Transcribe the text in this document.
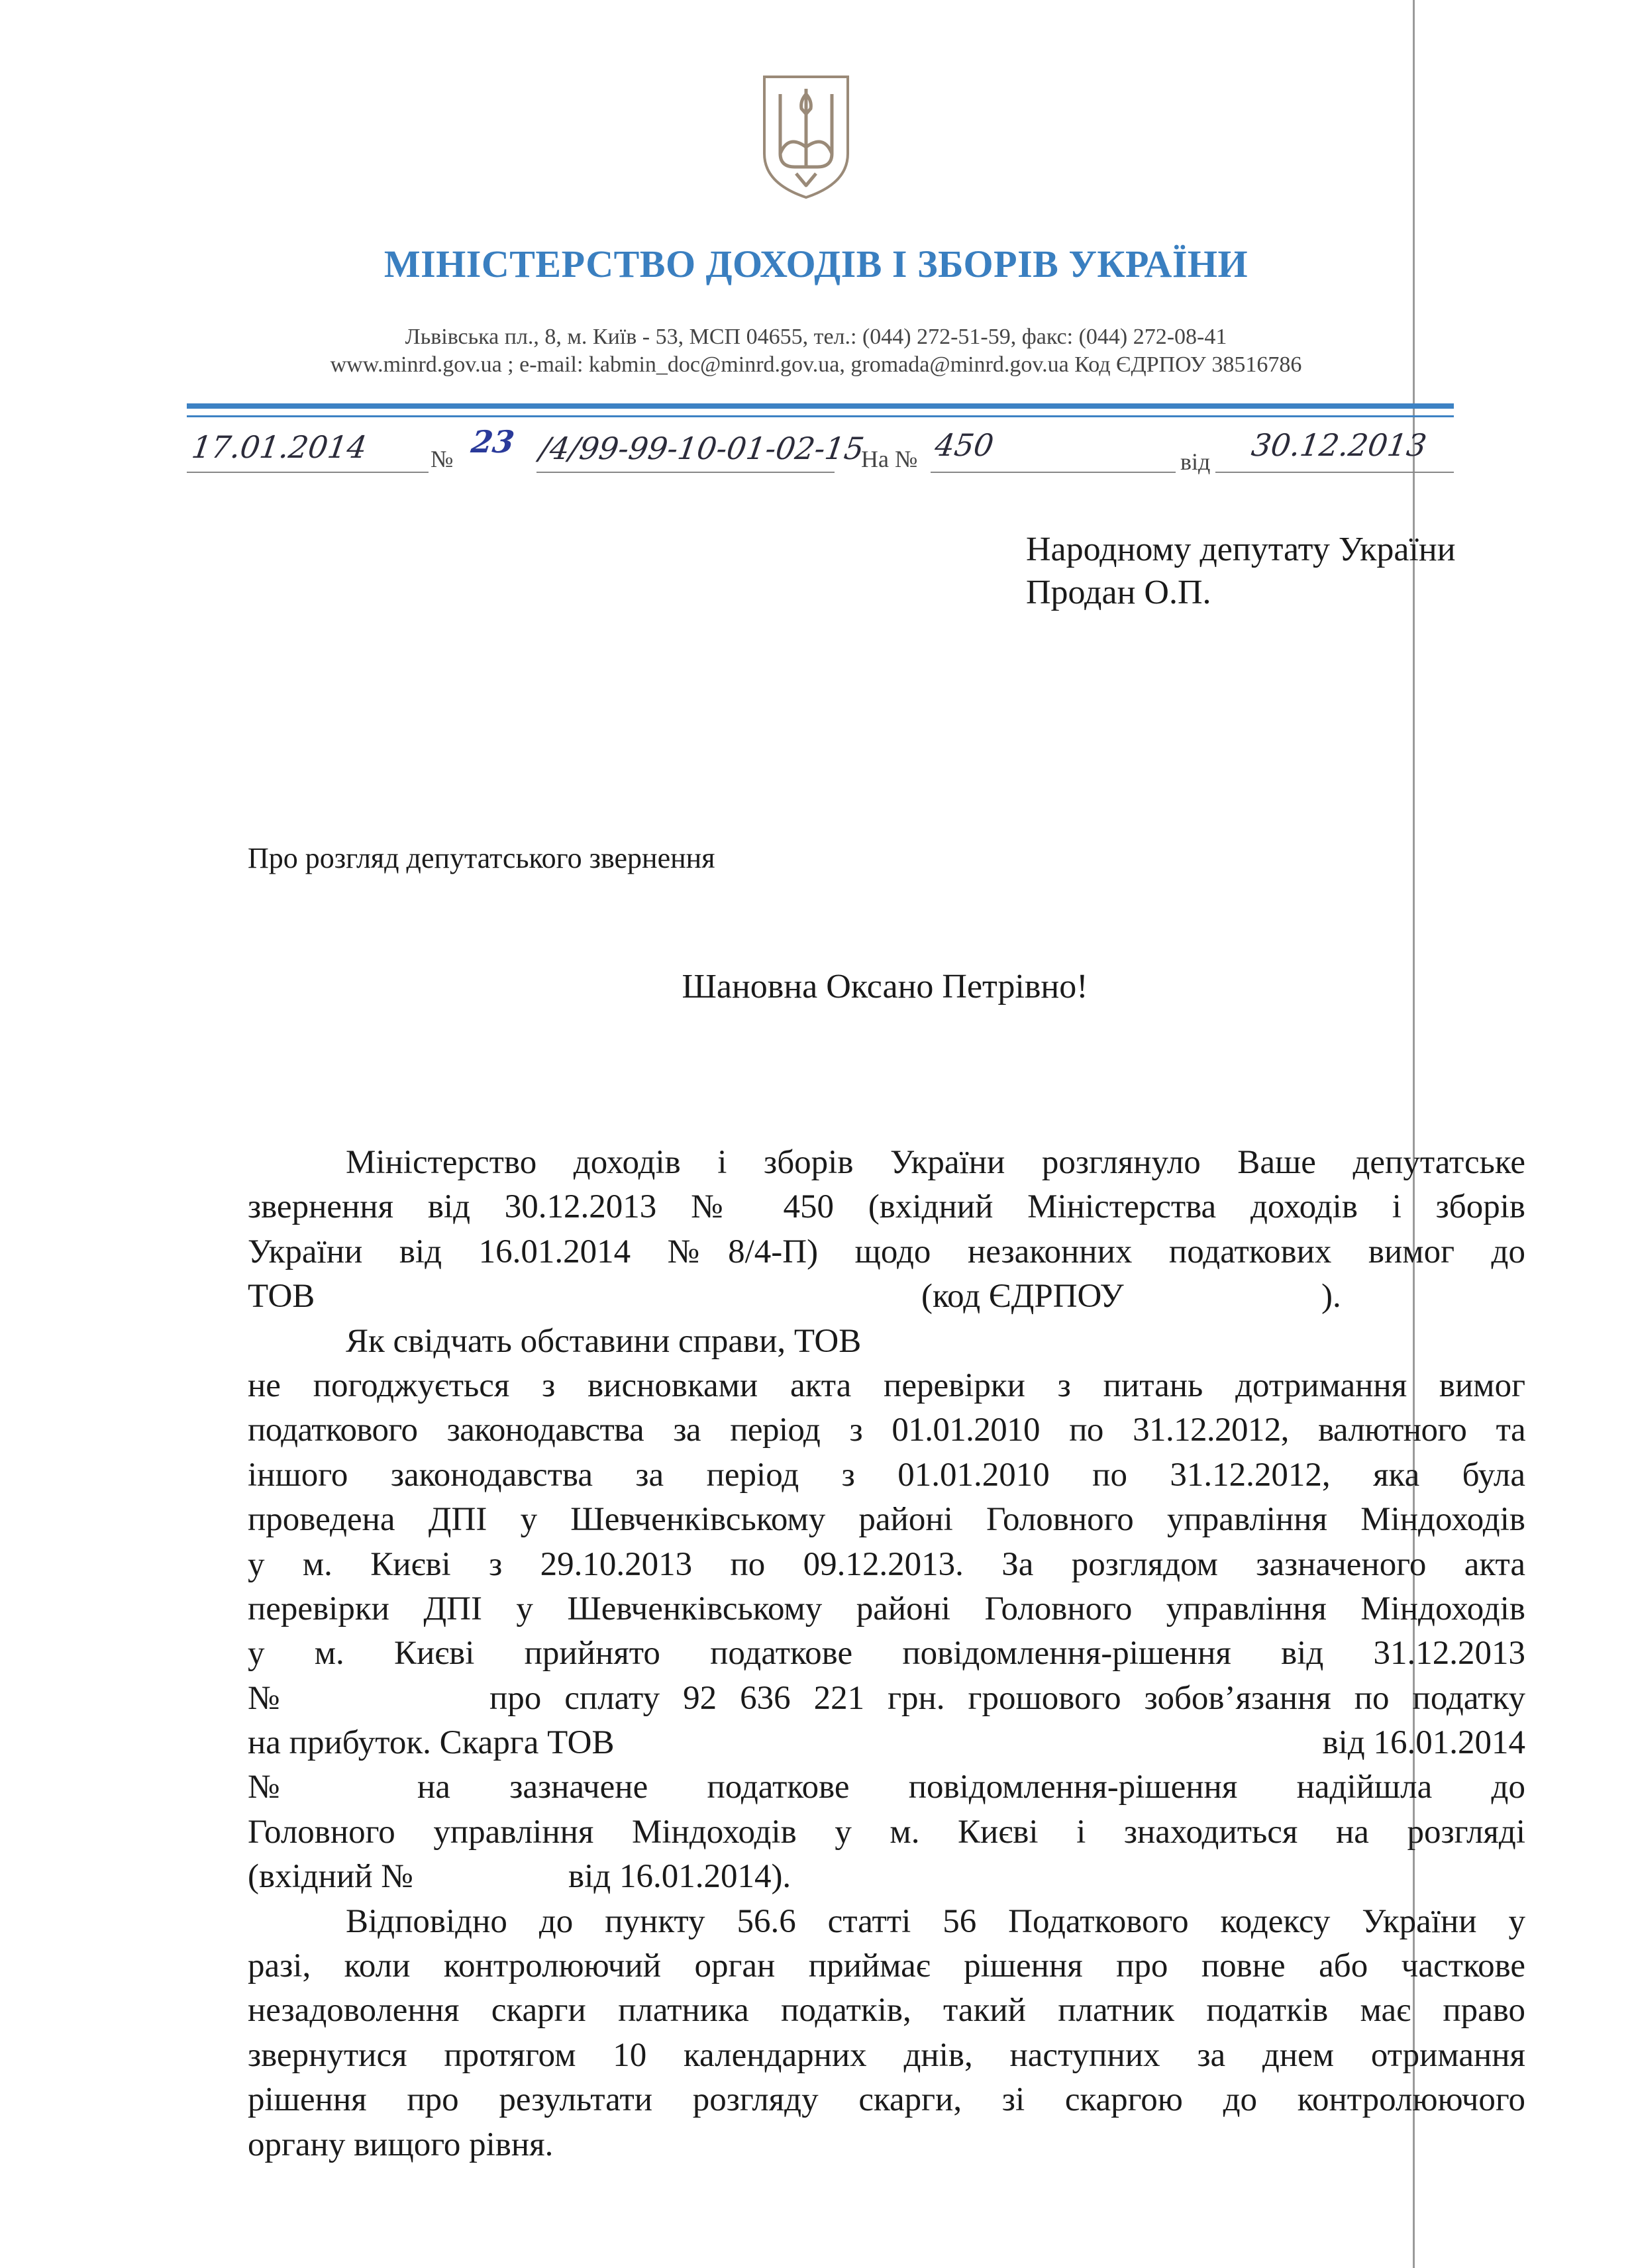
МІНІСТЕРСТВО ДОХОДІВ І ЗБОРІВ УКРАЇНИ
Львівська пл., 8, м. Київ - 53, МСП 04655, тел.: (044) 272-51-59, факс: (044) 272-08-41
www.minrd.gov.ua ; e-mail: kabmin_doc@minrd.gov.ua, gromada@minrd.gov.ua Код ЄДРПОУ 38516786
17.01.2014	№ 23 /4/99-99-10-01-02-15
На № 450	від 30.12.2013
Народному депутату України
Продан О.П.
Про розгляд депутатського звернення
Шановна Оксано Петрівно!
Міністерство доходів і зборів України розглянуло Ваше депутатське
звернення від 30.12.2013 № 450 (вхідний Міністерства доходів і зборів
України від 16.01.2014 №8/4-П) щодо незаконних податкових вимог до
ТОВ	(код ЄДРПОУ	).
Як свідчать обставини справи, ТОВ
не погоджується з висновками акта перевірки з питань дотримання вимог
податкового законодавства за період з 01.01.2010 по 31.12.2012, валютного та
іншого законодавства за період з 01.01.2010 по 31.12.2012, яка була
проведена ДПІ у Шевченківському районі Головного управління Міндоходів
у м. Києві з 29.10.2013 по 09.12.2013. За розглядом зазначеного акта
перевірки ДПІ у Шевченківському районі Головного управління Міндоходів
у м. Києві прийнято податкове повідомлення-рішення від 31.12.2013
№	про сплату 92 636 221 грн. грошового зобов’язання по податку
на прибуток. Скарга ТОВ	від 16.01.2014
№	на зазначене податкове повідомлення-рішення надійшла до
Головного управління Міндоходів у м. Києві і знаходиться на розгляді
(вхідний №	від 16.01.2014).
Відповідно до пункту 56.6 статті 56 Податкового кодексу України у
разі, коли контролюючий орган приймає рішення про повне або часткове
незадоволення скарги платника податків, такий платник податків має право
звернутися протягом 10 календарних днів, наступних за днем отримання
рішення про результати розгляду скарги, зі скаргою до контролюючого
органу вищого рівня.
